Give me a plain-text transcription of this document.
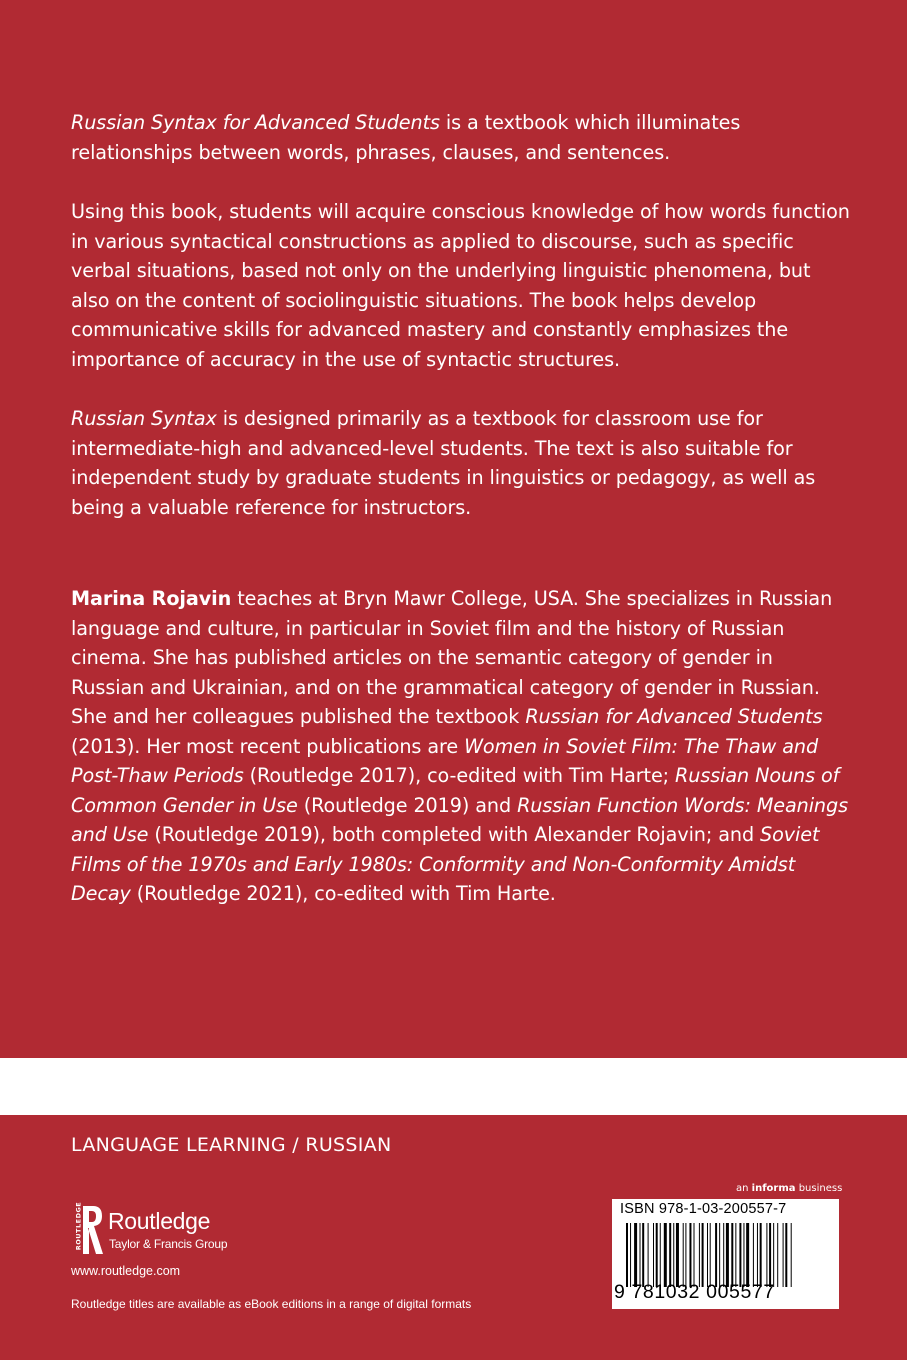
Russian Syntax for Advanced Students is a textbook which illuminates relationships between words, phrases, clauses, and sentences.

Using this book, students will acquire conscious knowledge of how words function in various syntactical constructions as applied to discourse, such as specific verbal situations, based not only on the underlying linguistic phenomena, but also on the content of sociolinguistic situations. The book helps develop communicative skills for advanced mastery and constantly emphasizes the importance of accuracy in the use of syntactic structures.

Russian Syntax is designed primarily as a textbook for classroom use for intermediate-high and advanced-level students. The text is also suitable for independent study by graduate students in linguistics or pedagogy, as well as being a valuable reference for instructors.

Marina Rojavin teaches at Bryn Mawr College, USA. She specializes in Russian language and culture, in particular in Soviet film and the history of Russian cinema. She has published articles on the semantic category of gender in Russian and Ukrainian, and on the grammatical category of gender in Russian. She and her colleagues published the textbook Russian for Advanced Students (2013). Her most recent publications are Women in Soviet Film: The Thaw and Post-Thaw Periods (Routledge 2017), co-edited with Tim Harte; Russian Nouns of Common Gender in Use (Routledge 2019) and Russian Function Words: Meanings and Use (Routledge 2019), both completed with Alexander Rojavin; and Soviet Films of the 1970s and Early 1980s: Conformity and Non-Conformity Amidst Decay (Routledge 2021), co-edited with Tim Harte.

LANGUAGE LEARNING / RUSSIAN
an informa business
ROUTLEDGE Routledge
Taylor & Francis Group
www.routledge.com
Routledge titles are available as eBook editions in a range of digital formats
ISBN 978-1-03-200557-7
9 781032 005577
